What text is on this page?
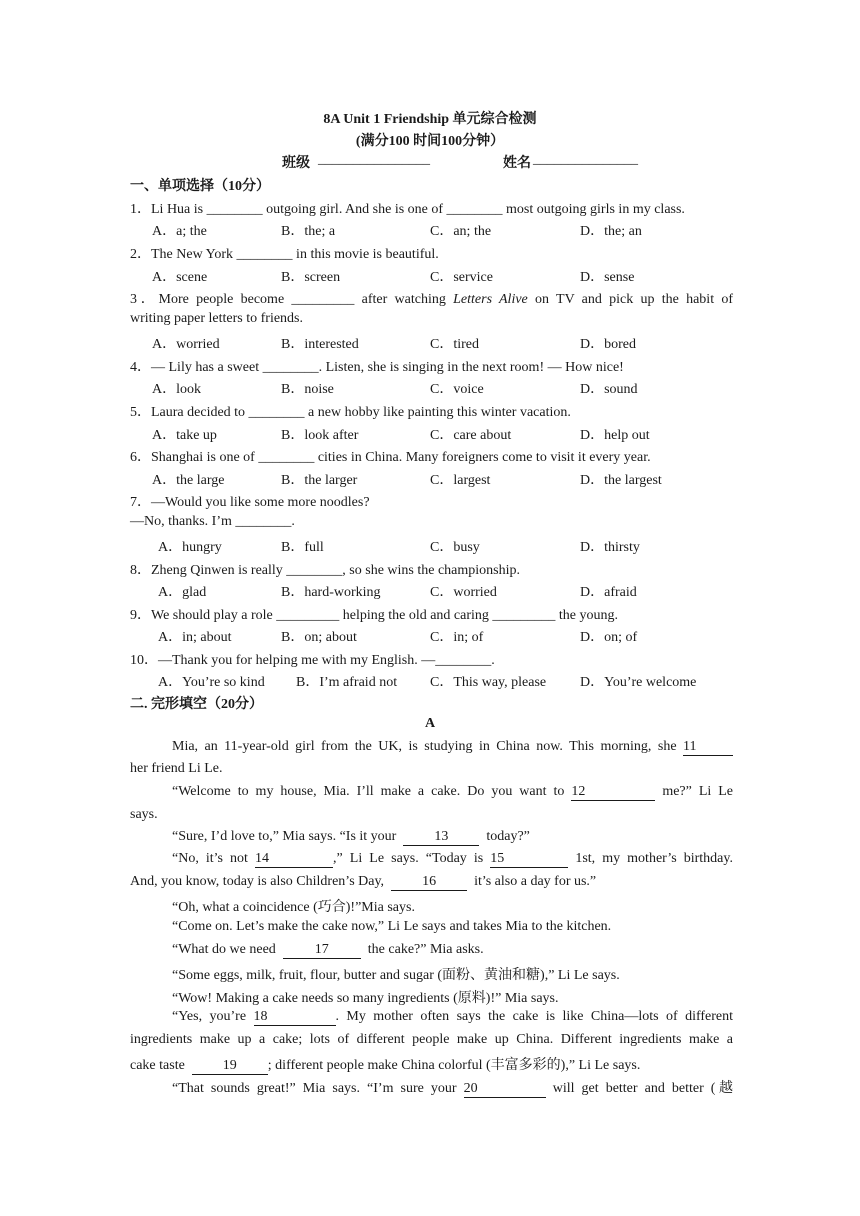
8A Unit 1 Friendship 单元综合检测
(满分100 时间100分钟）
班级 ________________	姓名 _______________
一、单项选择（10分）
1．Li Hua is ________ outgoing girl. And she is one of ________ most outgoing girls in my class.
A．a; the	B．the; a	C．an; the	D．the; an
2．The New York ________ in this movie is beautiful.
A．scene	B．screen	C．service	D．sense
3．More people become _________ after watching Letters Alive on TV and pick up the habit of
writing paper letters to friends.
A．worried	B．interested	C．tired	D．bored
4．— Lily has a sweet ________. Listen, she is singing in the next room! — How nice!
A．look	B．noise	C．voice	D．sound
5．Laura decided to ________ a new hobby like painting this winter vacation.
A．take up	B．look after	C．care about	D．help out
6．Shanghai is one of ________ cities in China. Many foreigners come to visit it every year.
A．the large	B．the larger	C．largest	D．the largest
7．—Would you like some more noodles?
—No, thanks. I’m ________.
A．hungry	B．full	C．busy	D．thirsty
8．Zheng Qinwen is really ________, so she wins the championship.
A．glad	B．hard-working	C．worried	D．afraid
9．We should play a role _________ helping the old and caring _________ the young.
A．in; about	B．on; about	C．in; of	D．on; of
10．—Thank you for helping me with my English. —________.
A．You’re so kind B．I’m afraid not C．This way, please D．You’re welcome
二. 完形填空（20分）
A
Mia, an 11-year-old girl from the UK, is studying in China now. This morning, she 11
her friend Li Le.
“Welcome to my house, Mia. I’ll make a cake. Do you want to 12	me?” Li Le
says.
“Sure, I’d love to,” Mia says. “Is it your	13	today?”
“No, it’s not 14	,” Li Le says. “Today is 15	1st, my mother’s birthday.
And, you know, today is also Children’s Day,	16	it’s also a day for us.”
“Oh, what a coincidence (巧合)!”Mia says.
“Come on. Let’s make the cake now,” Li Le says and takes Mia to the kitchen.
“What do we need	17	the cake?” Mia asks.
“Some eggs, milk, fruit, flour, butter and sugar (面粉、黄油和糖),” Li Le says.
“Wow! Making a cake needs so many ingredients (原料)!” Mia says.
“Yes, you’re 18	. My mother often says the cake is like China—lots of different
ingredients make up a cake; lots of different people make up China. Different ingredients make a
cake taste	19 ; different people make China colorful (丰富多彩的),” Li Le says.
“That sounds great!” Mia says. “I’m sure your 20	will get better and better (越
